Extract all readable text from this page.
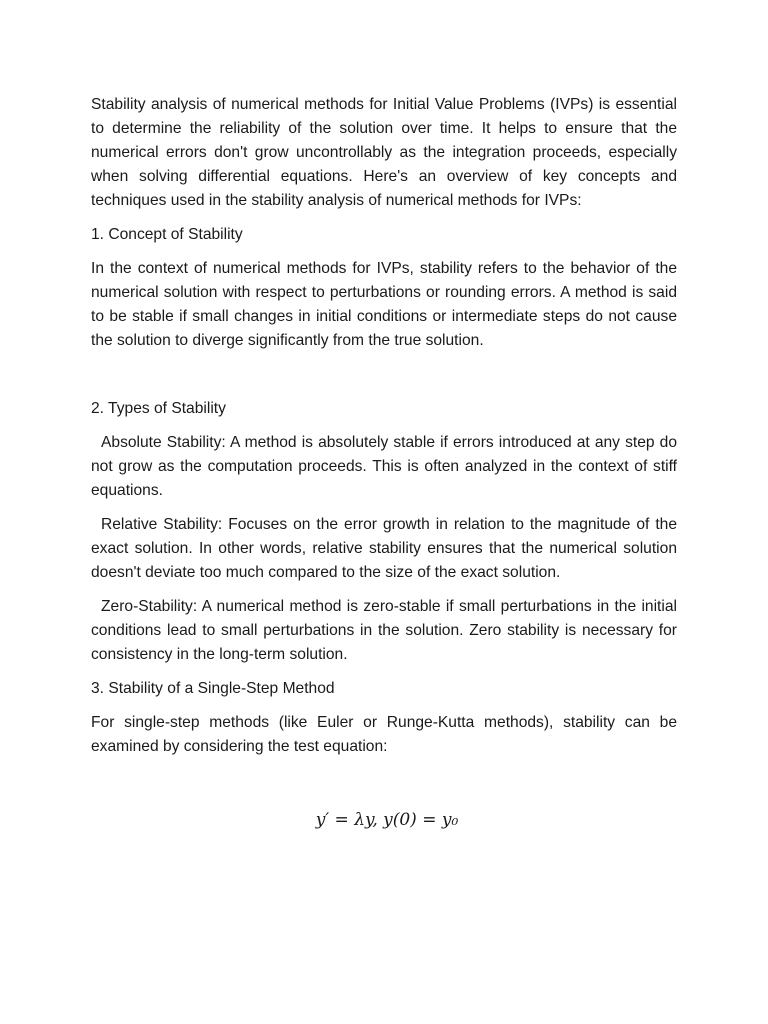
Stability analysis of numerical methods for Initial Value Problems (IVPs) is essential to determine the reliability of the solution over time. It helps to ensure that the numerical errors don't grow uncontrollably as the integration proceeds, especially when solving differential equations. Here's an overview of key concepts and techniques used in the stability analysis of numerical methods for IVPs:

1. Concept of Stability

In the context of numerical methods for IVPs, stability refers to the behavior of the numerical solution with respect to perturbations or rounding errors. A method is said to be stable if small changes in initial conditions or intermediate steps do not cause the solution to diverge significantly from the true solution.

2. Types of Stability

Absolute Stability: A method is absolutely stable if errors introduced at any step do not grow as the computation proceeds. This is often analyzed in the context of stiff equations.

Relative Stability: Focuses on the error growth in relation to the magnitude of the exact solution. In other words, relative stability ensures that the numerical solution doesn't deviate too much compared to the size of the exact solution.

Zero-Stability: A numerical method is zero-stable if small perturbations in the initial conditions lead to small perturbations in the solution. Zero stability is necessary for consistency in the long-term solution.

3. Stability of a Single-Step Method

For single-step methods (like Euler or Runge-Kutta methods), stability can be examined by considering the test equation:

y′ = λy, y(0) = y₀
